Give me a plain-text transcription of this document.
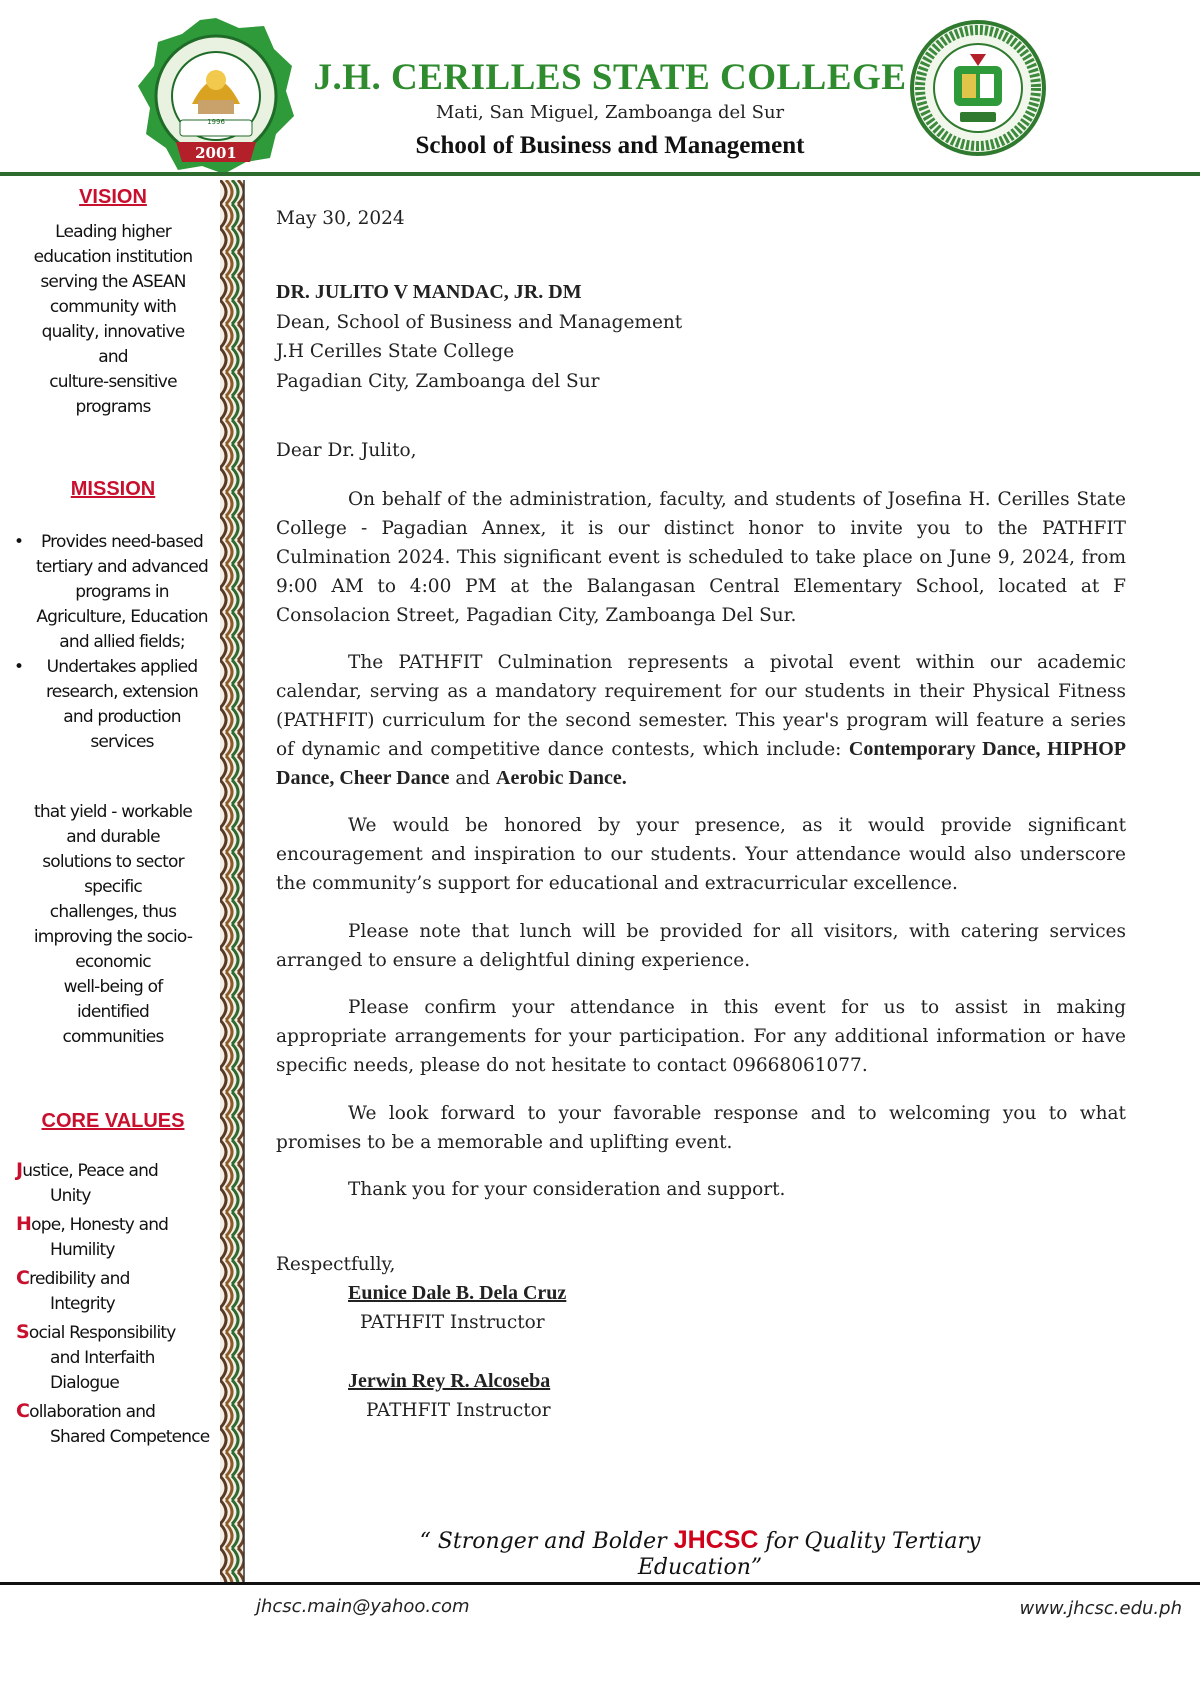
1996
2001
J.H. CERILLES STATE COLLEGE
Mati, San Miguel, Zamboanga del Sur
School of Business and Management
VISION
Leading higher
education institution
serving the ASEAN
community with
quality, innovative
and
culture-sensitive
programs
MISSION
• Provides need-based tertiary and advanced programs in Agriculture, Education and allied fields;
• Undertakes applied research, extension and production services
that yield - workable
and durable
solutions to sector
specific
challenges, thus
improving the socio-
economic
well-being of
identified
communities
CORE VALUES
Justice, Peace and
Unity
Hope, Honesty and
Humility
Credibility and
Integrity
Social Responsibility
and Interfaith Dialogue
Collaboration and
Shared Competence
May 30, 2024
DR. JULITO V MANDAC, JR. DM
Dean, School of Business and Management
J.H Cerilles State College
Pagadian City, Zamboanga del Sur
Dear Dr. Julito,
On behalf of the administration, faculty, and students of Josefina H. Cerilles State College - Pagadian Annex, it is our distinct honor to invite you to the PATHFIT Culmination 2024. This significant event is scheduled to take place on June 9, 2024, from 9:00 AM to 4:00 PM at the Balangasan Central Elementary School, located at F Consolacion Street, Pagadian City, Zamboanga Del Sur.
The PATHFIT Culmination represents a pivotal event within our academic calendar, serving as a mandatory requirement for our students in their Physical Fitness (PATHFIT) curriculum for the second semester. This year's program will feature a series of dynamic and competitive dance contests, which include: Contemporary Dance, HIPHOP Dance, Cheer Dance and Aerobic Dance.
We would be honored by your presence, as it would provide significant encouragement and inspiration to our students. Your attendance would also underscore the community’s support for educational and extracurricular excellence.
Please note that lunch will be provided for all visitors, with catering services arranged to ensure a delightful dining experience.
Please confirm your attendance in this event for us to assist in making appropriate arrangements for your participation. For any additional information or have specific needs, please do not hesitate to contact 09668061077.
We look forward to your favorable response and to welcoming you to what promises to be a memorable and uplifting event.
Thank you for your consideration and support.
Respectfully,
Eunice Dale B. Dela Cruz
PATHFIT Instructor
Jerwin Rey R. Alcoseba
PATHFIT Instructor
“ Stronger and Bolder JHCSC for Quality Tertiary Education”
jhcsc.main@yahoo.com	www.jhcsc.edu.ph
